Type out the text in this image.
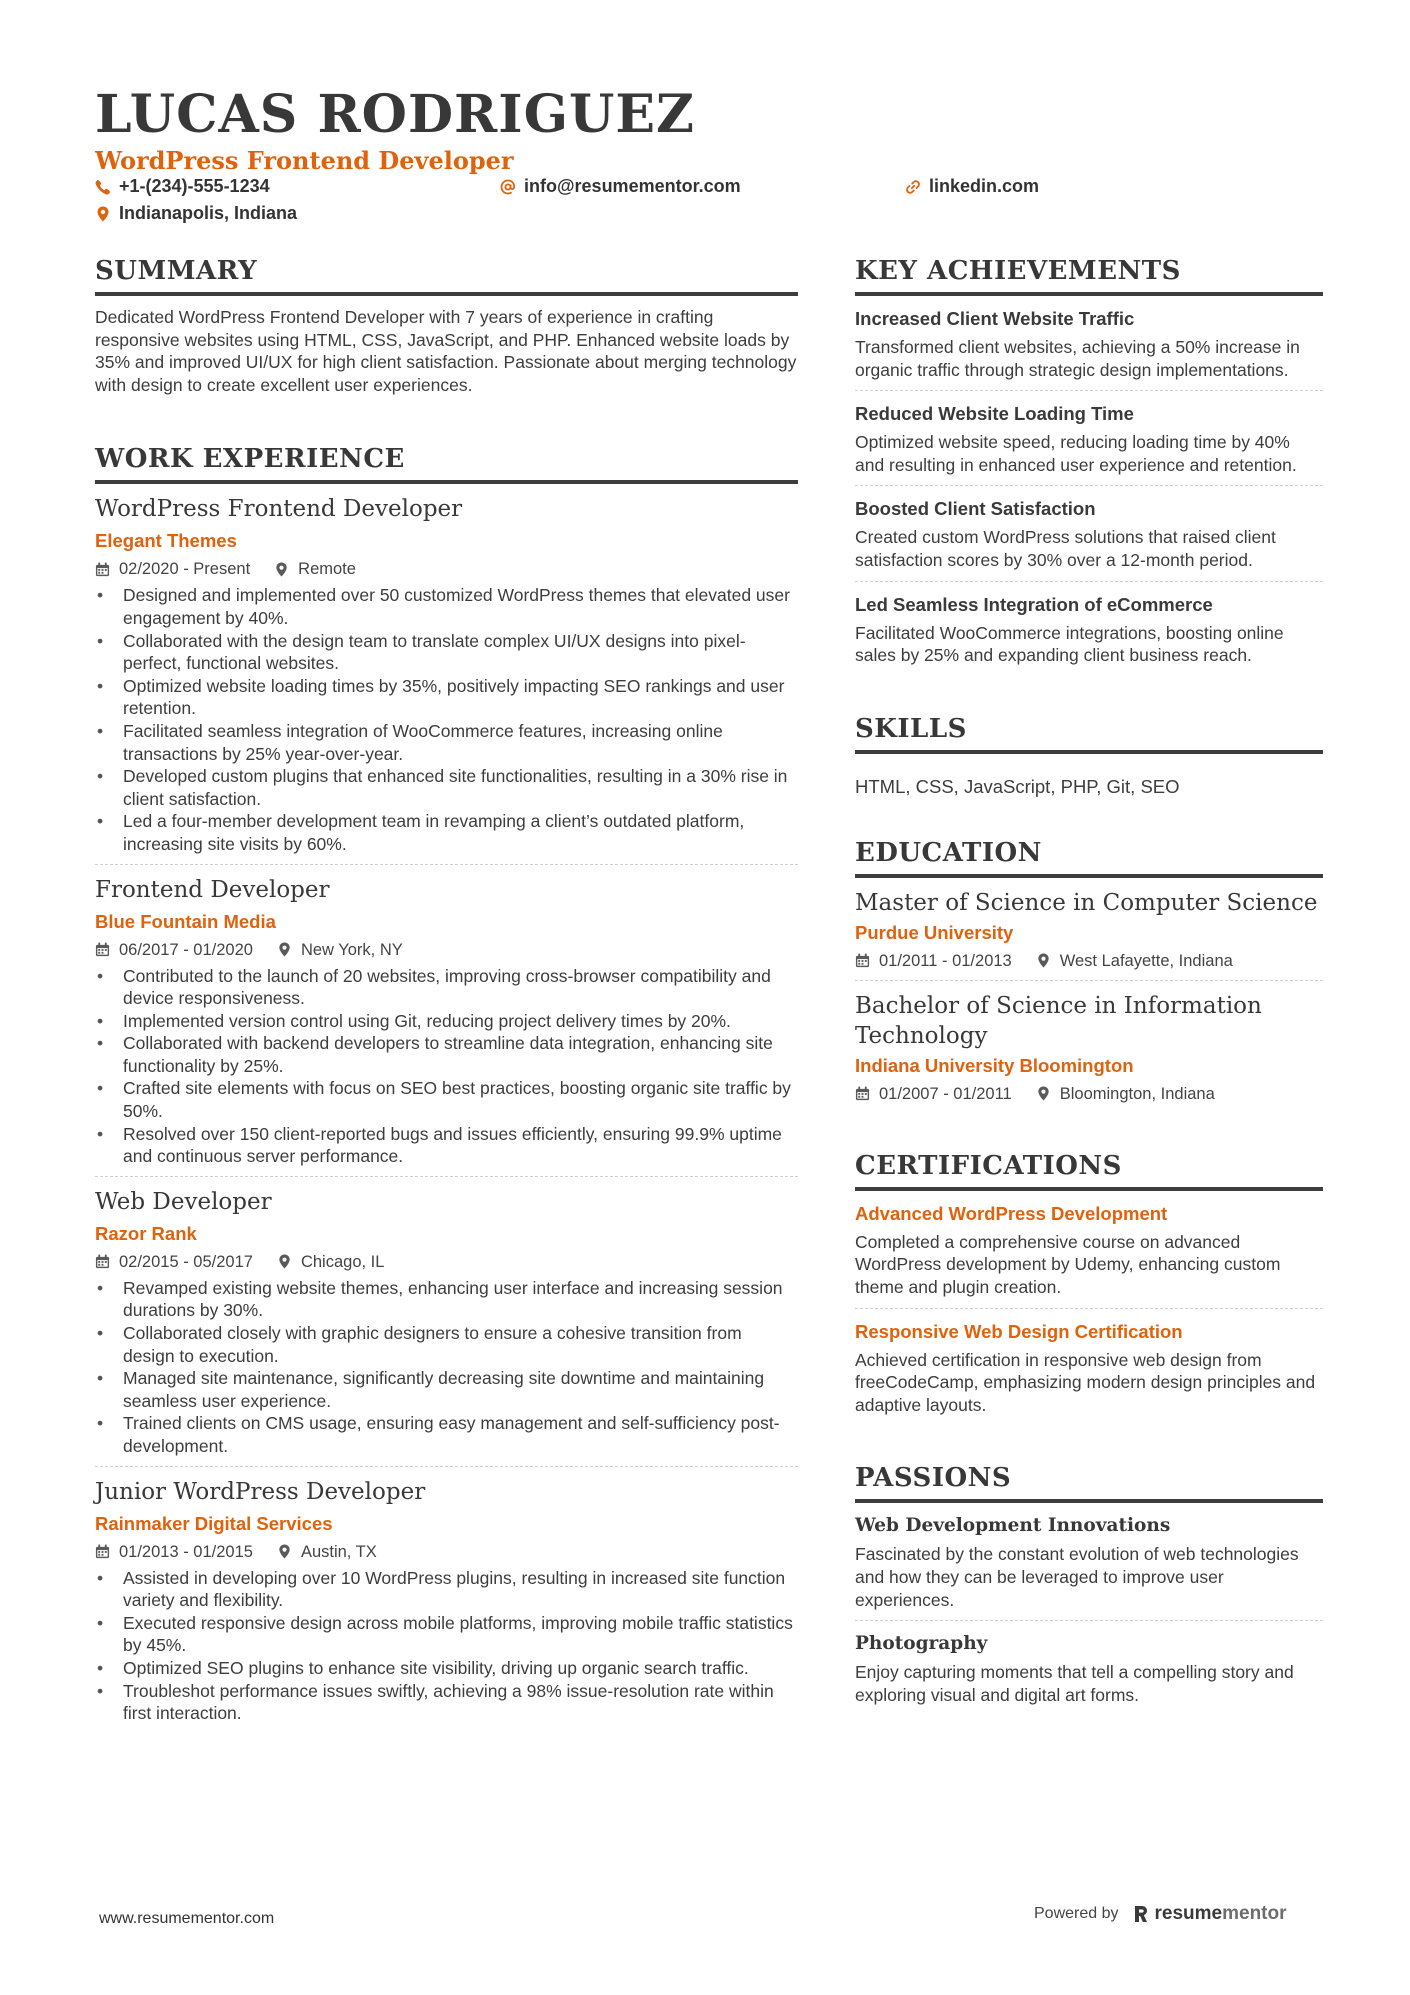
LUCAS RODRIGUEZ
WordPress Frontend Developer
+1-(234)-555-1234	info@resumementor.com	linkedin.com
Indianapolis, Indiana
SUMMARY
Dedicated WordPress Frontend Developer with 7 years of experience in crafting responsive websites using HTML, CSS, JavaScript, and PHP. Enhanced website loads by 35% and improved UI/UX for high client satisfaction. Passionate about merging technology with design to create excellent user experiences.
WORK EXPERIENCE
WordPress Frontend Developer
Elegant Themes
02/2020 - Present	Remote
• Designed and implemented over 50 customized WordPress themes that elevated user engagement by 40%.
• Collaborated with the design team to translate complex UI/UX designs into pixel-perfect, functional websites.
• Optimized website loading times by 35%, positively impacting SEO rankings and user retention.
• Facilitated seamless integration of WooCommerce features, increasing online transactions by 25% year-over-year.
• Developed custom plugins that enhanced site functionalities, resulting in a 30% rise in client satisfaction.
• Led a four-member development team in revamping a client’s outdated platform, increasing site visits by 60%.
Frontend Developer
Blue Fountain Media
06/2017 - 01/2020	New York, NY
• Contributed to the launch of 20 websites, improving cross-browser compatibility and device responsiveness.
• Implemented version control using Git, reducing project delivery times by 20%.
• Collaborated with backend developers to streamline data integration, enhancing site functionality by 25%.
• Crafted site elements with focus on SEO best practices, boosting organic site traffic by 50%.
• Resolved over 150 client-reported bugs and issues efficiently, ensuring 99.9% uptime and continuous server performance.
Web Developer
Razor Rank
02/2015 - 05/2017	Chicago, IL
• Revamped existing website themes, enhancing user interface and increasing session durations by 30%.
• Collaborated closely with graphic designers to ensure a cohesive transition from design to execution.
• Managed site maintenance, significantly decreasing site downtime and maintaining seamless user experience.
• Trained clients on CMS usage, ensuring easy management and self-sufficiency post-development.
Junior WordPress Developer
Rainmaker Digital Services
01/2013 - 01/2015	Austin, TX
• Assisted in developing over 10 WordPress plugins, resulting in increased site function variety and flexibility.
• Executed responsive design across mobile platforms, improving mobile traffic statistics by 45%.
• Optimized SEO plugins to enhance site visibility, driving up organic search traffic.
• Troubleshot performance issues swiftly, achieving a 98% issue-resolution rate within first interaction.
KEY ACHIEVEMENTS
Increased Client Website Traffic
Transformed client websites, achieving a 50% increase in organic traffic through strategic design implementations.
Reduced Website Loading Time
Optimized website speed, reducing loading time by 40% and resulting in enhanced user experience and retention.
Boosted Client Satisfaction
Created custom WordPress solutions that raised client satisfaction scores by 30% over a 12-month period.
Led Seamless Integration of eCommerce
Facilitated WooCommerce integrations, boosting online sales by 25% and expanding client business reach.
SKILLS
HTML, CSS, JavaScript, PHP, Git, SEO
EDUCATION
Master of Science in Computer Science
Purdue University
01/2011 - 01/2013	West Lafayette, Indiana
Bachelor of Science in Information Technology
Indiana University Bloomington
01/2007 - 01/2011	Bloomington, Indiana
CERTIFICATIONS
Advanced WordPress Development
Completed a comprehensive course on advanced WordPress development by Udemy, enhancing custom theme and plugin creation.
Responsive Web Design Certification
Achieved certification in responsive web design from freeCodeCamp, emphasizing modern design principles and adaptive layouts.
PASSIONS
Web Development Innovations
Fascinated by the constant evolution of web technologies and how they can be leveraged to improve user experiences.
Photography
Enjoy capturing moments that tell a compelling story and exploring visual and digital art forms.
www.resumementor.com	Powered by resumementor
